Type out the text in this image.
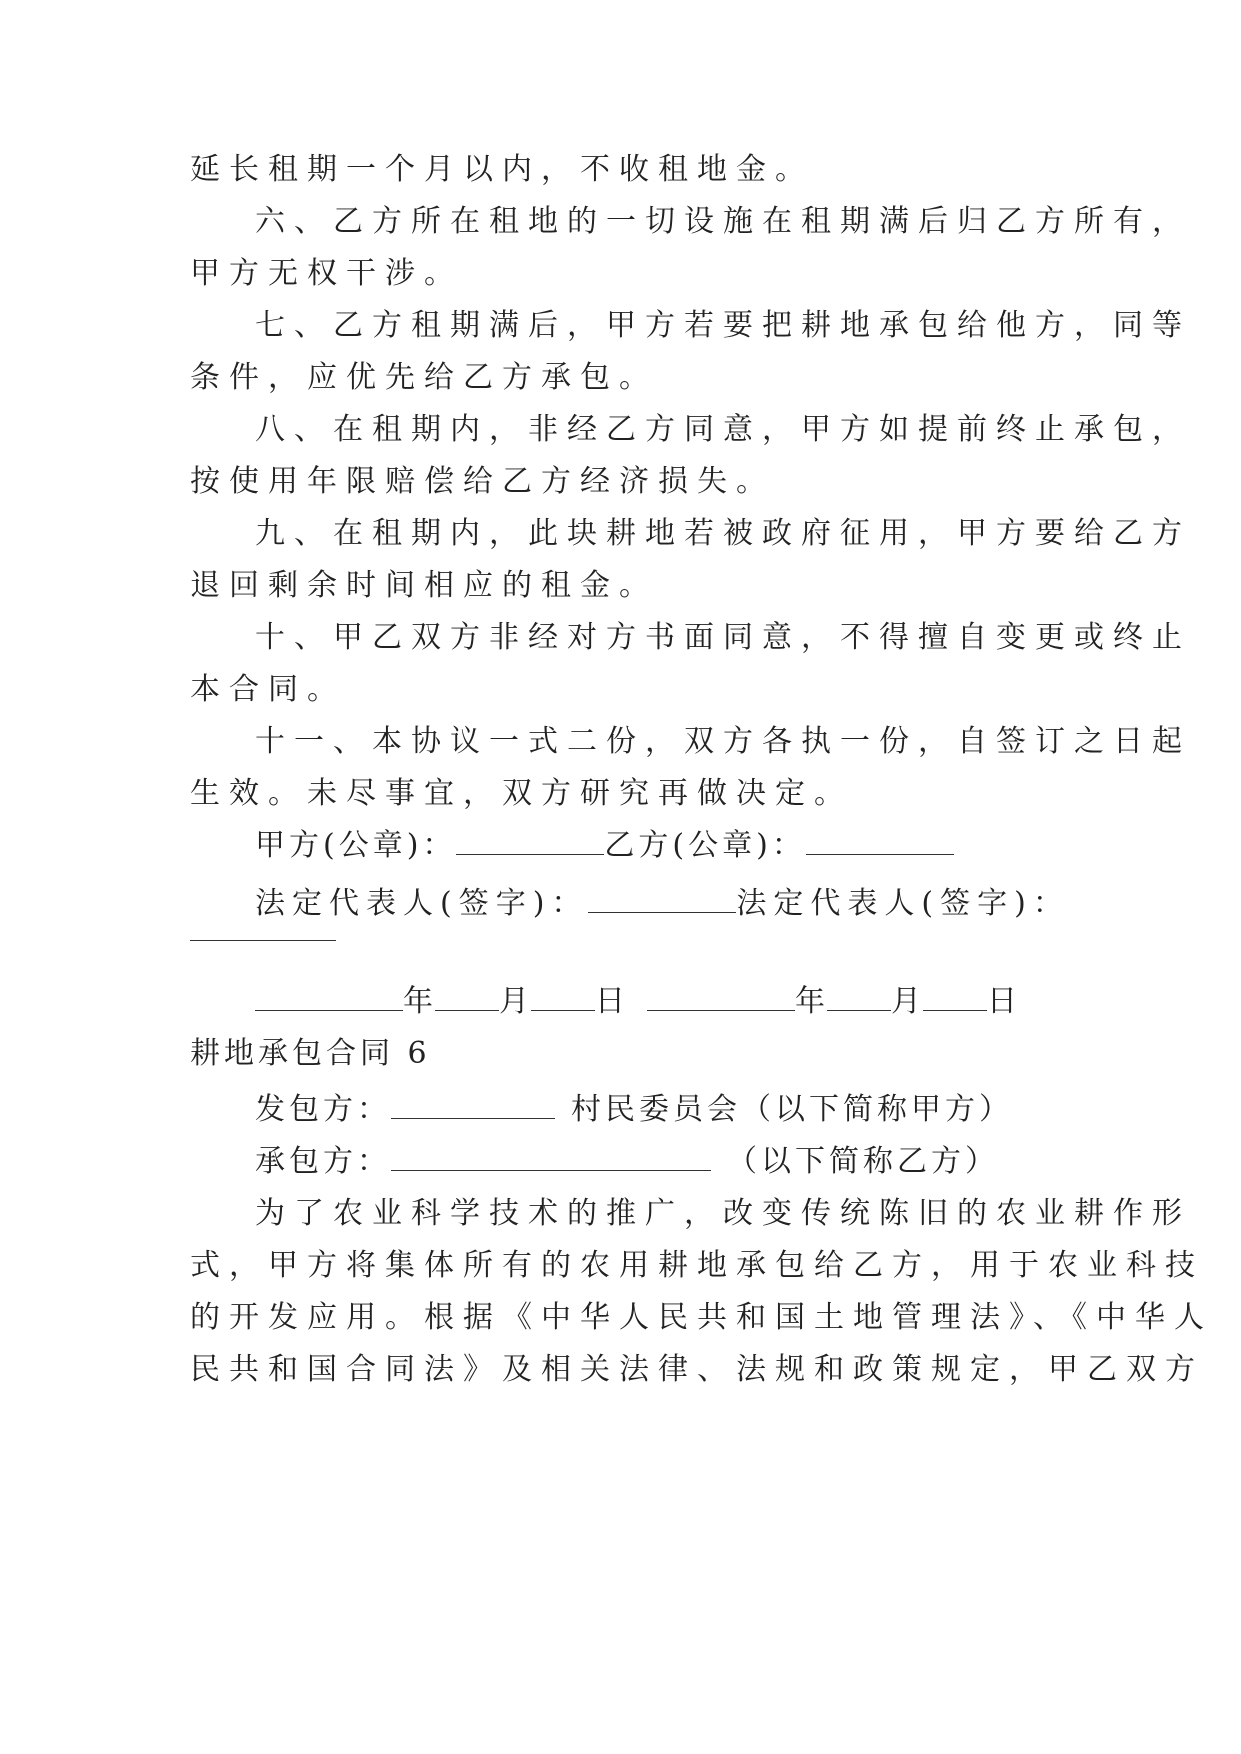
延长租期一个月以内，不收租地金。
六、乙方所在租地的一切设施在租期满后归乙方所有，
甲方无权干涉。
七、乙方租期满后，甲方若要把耕地承包给他方，同等
条件，应优先给乙方承包。
八、在租期内，非经乙方同意，甲方如提前终止承包，
按使用年限赔偿给乙方经济损失。
九、在租期内，此块耕地若被政府征用，甲方要给乙方
退回剩余时间相应的租金。
十、甲乙双方非经对方书面同意，不得擅自变更或终止
本合同。
十一、本协议一式二份，双方各执一份，自签订之日起
生效。未尽事宜，双方研究再做决定。
甲方(公章)：	乙方(公章)：
法定代表人(签字)：	法定代表人(签字)：
年 月 日	年 月 日
耕地承包合同 6
发包方：	村民委员会（以下简称甲方）
承包方：	（以下简称乙方）
为了农业科学技术的推广，改变传统陈旧的农业耕作形
式，甲方将集体所有的农用耕地承包给乙方，用于农业科技
的开发应用。根据《中华人民共和国土地管理法》、《中华人
民共和国合同法》及相关法律、法规和政策规定，甲乙双方
